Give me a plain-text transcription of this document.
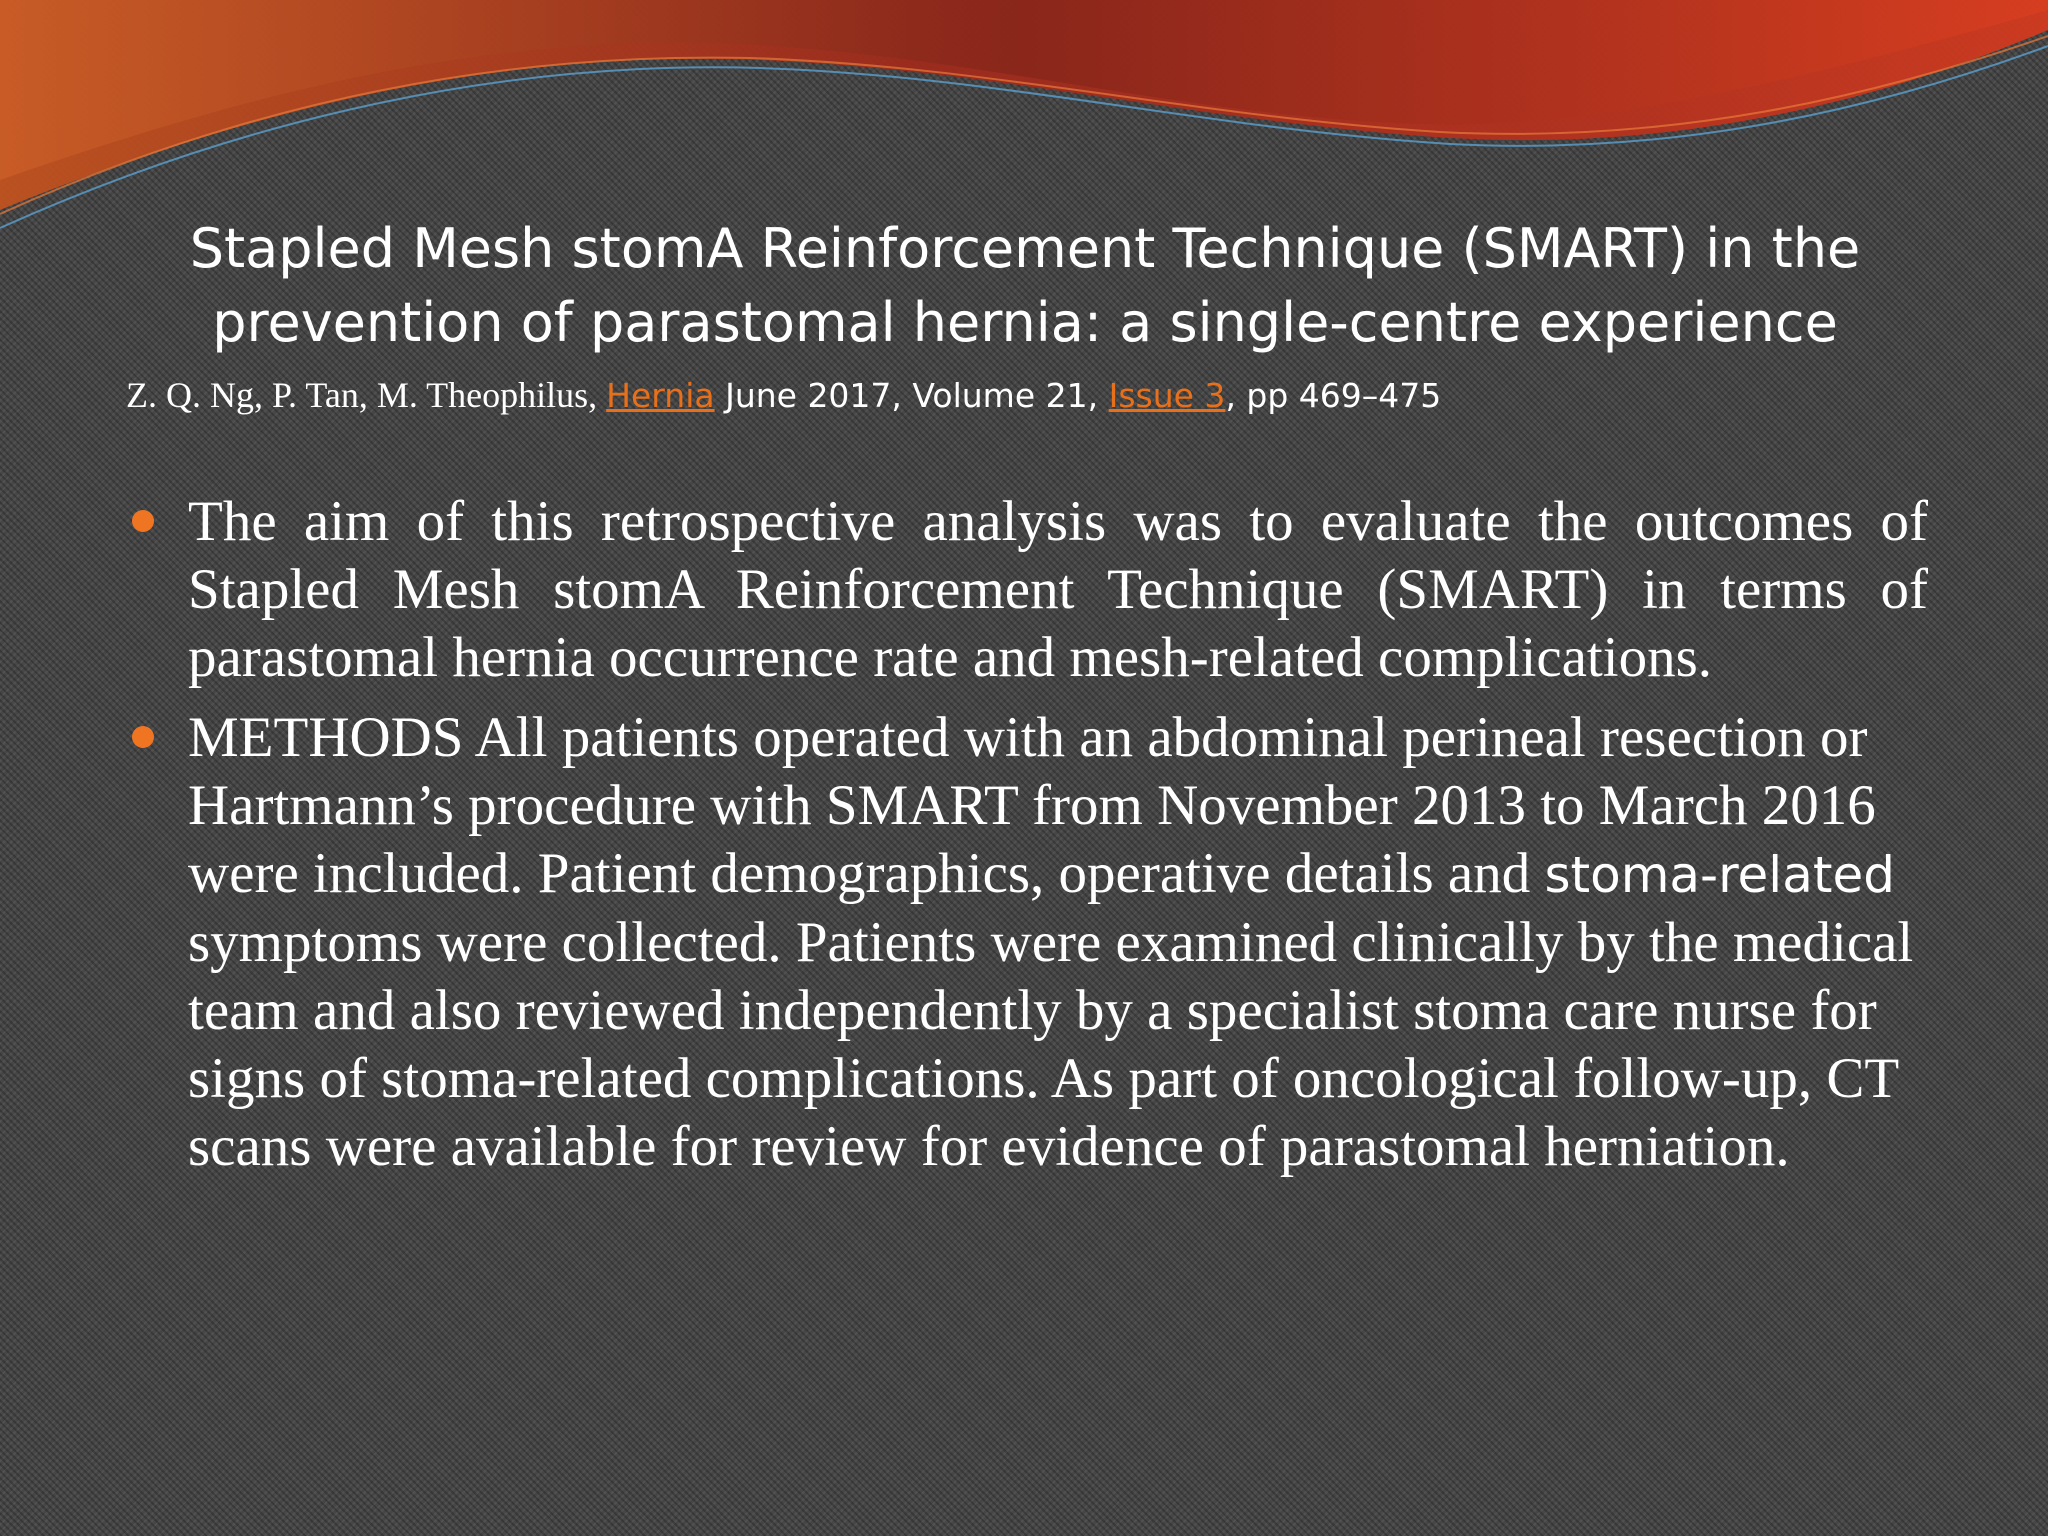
Stapled Mesh stomA Reinforcement Technique (SMART) in the
prevention of parastomal hernia: a single-centre experience
Z. Q. Ng, P. Tan, M. Theophilus, Hernia June 2017, Volume 21, Issue 3, pp 469–475
The aim of this retrospective analysis was to evaluate the outcomes of Stapled Mesh stomA Reinforcement Technique (SMART) in terms of parastomal hernia occurrence rate and mesh-related complications.
METHODS All patients operated with an abdominal perineal resection or Hartmann’s procedure with SMART from November 2013 to March 2016 were included. Patient demographics, operative details and stoma-related symptoms were collected. Patients were examined clinically by the medical team and also reviewed independently by a specialist stoma care nurse for signs of stoma-related complications. As part of oncological follow-up, CT scans were available for review for evidence of parastomal herniation.
